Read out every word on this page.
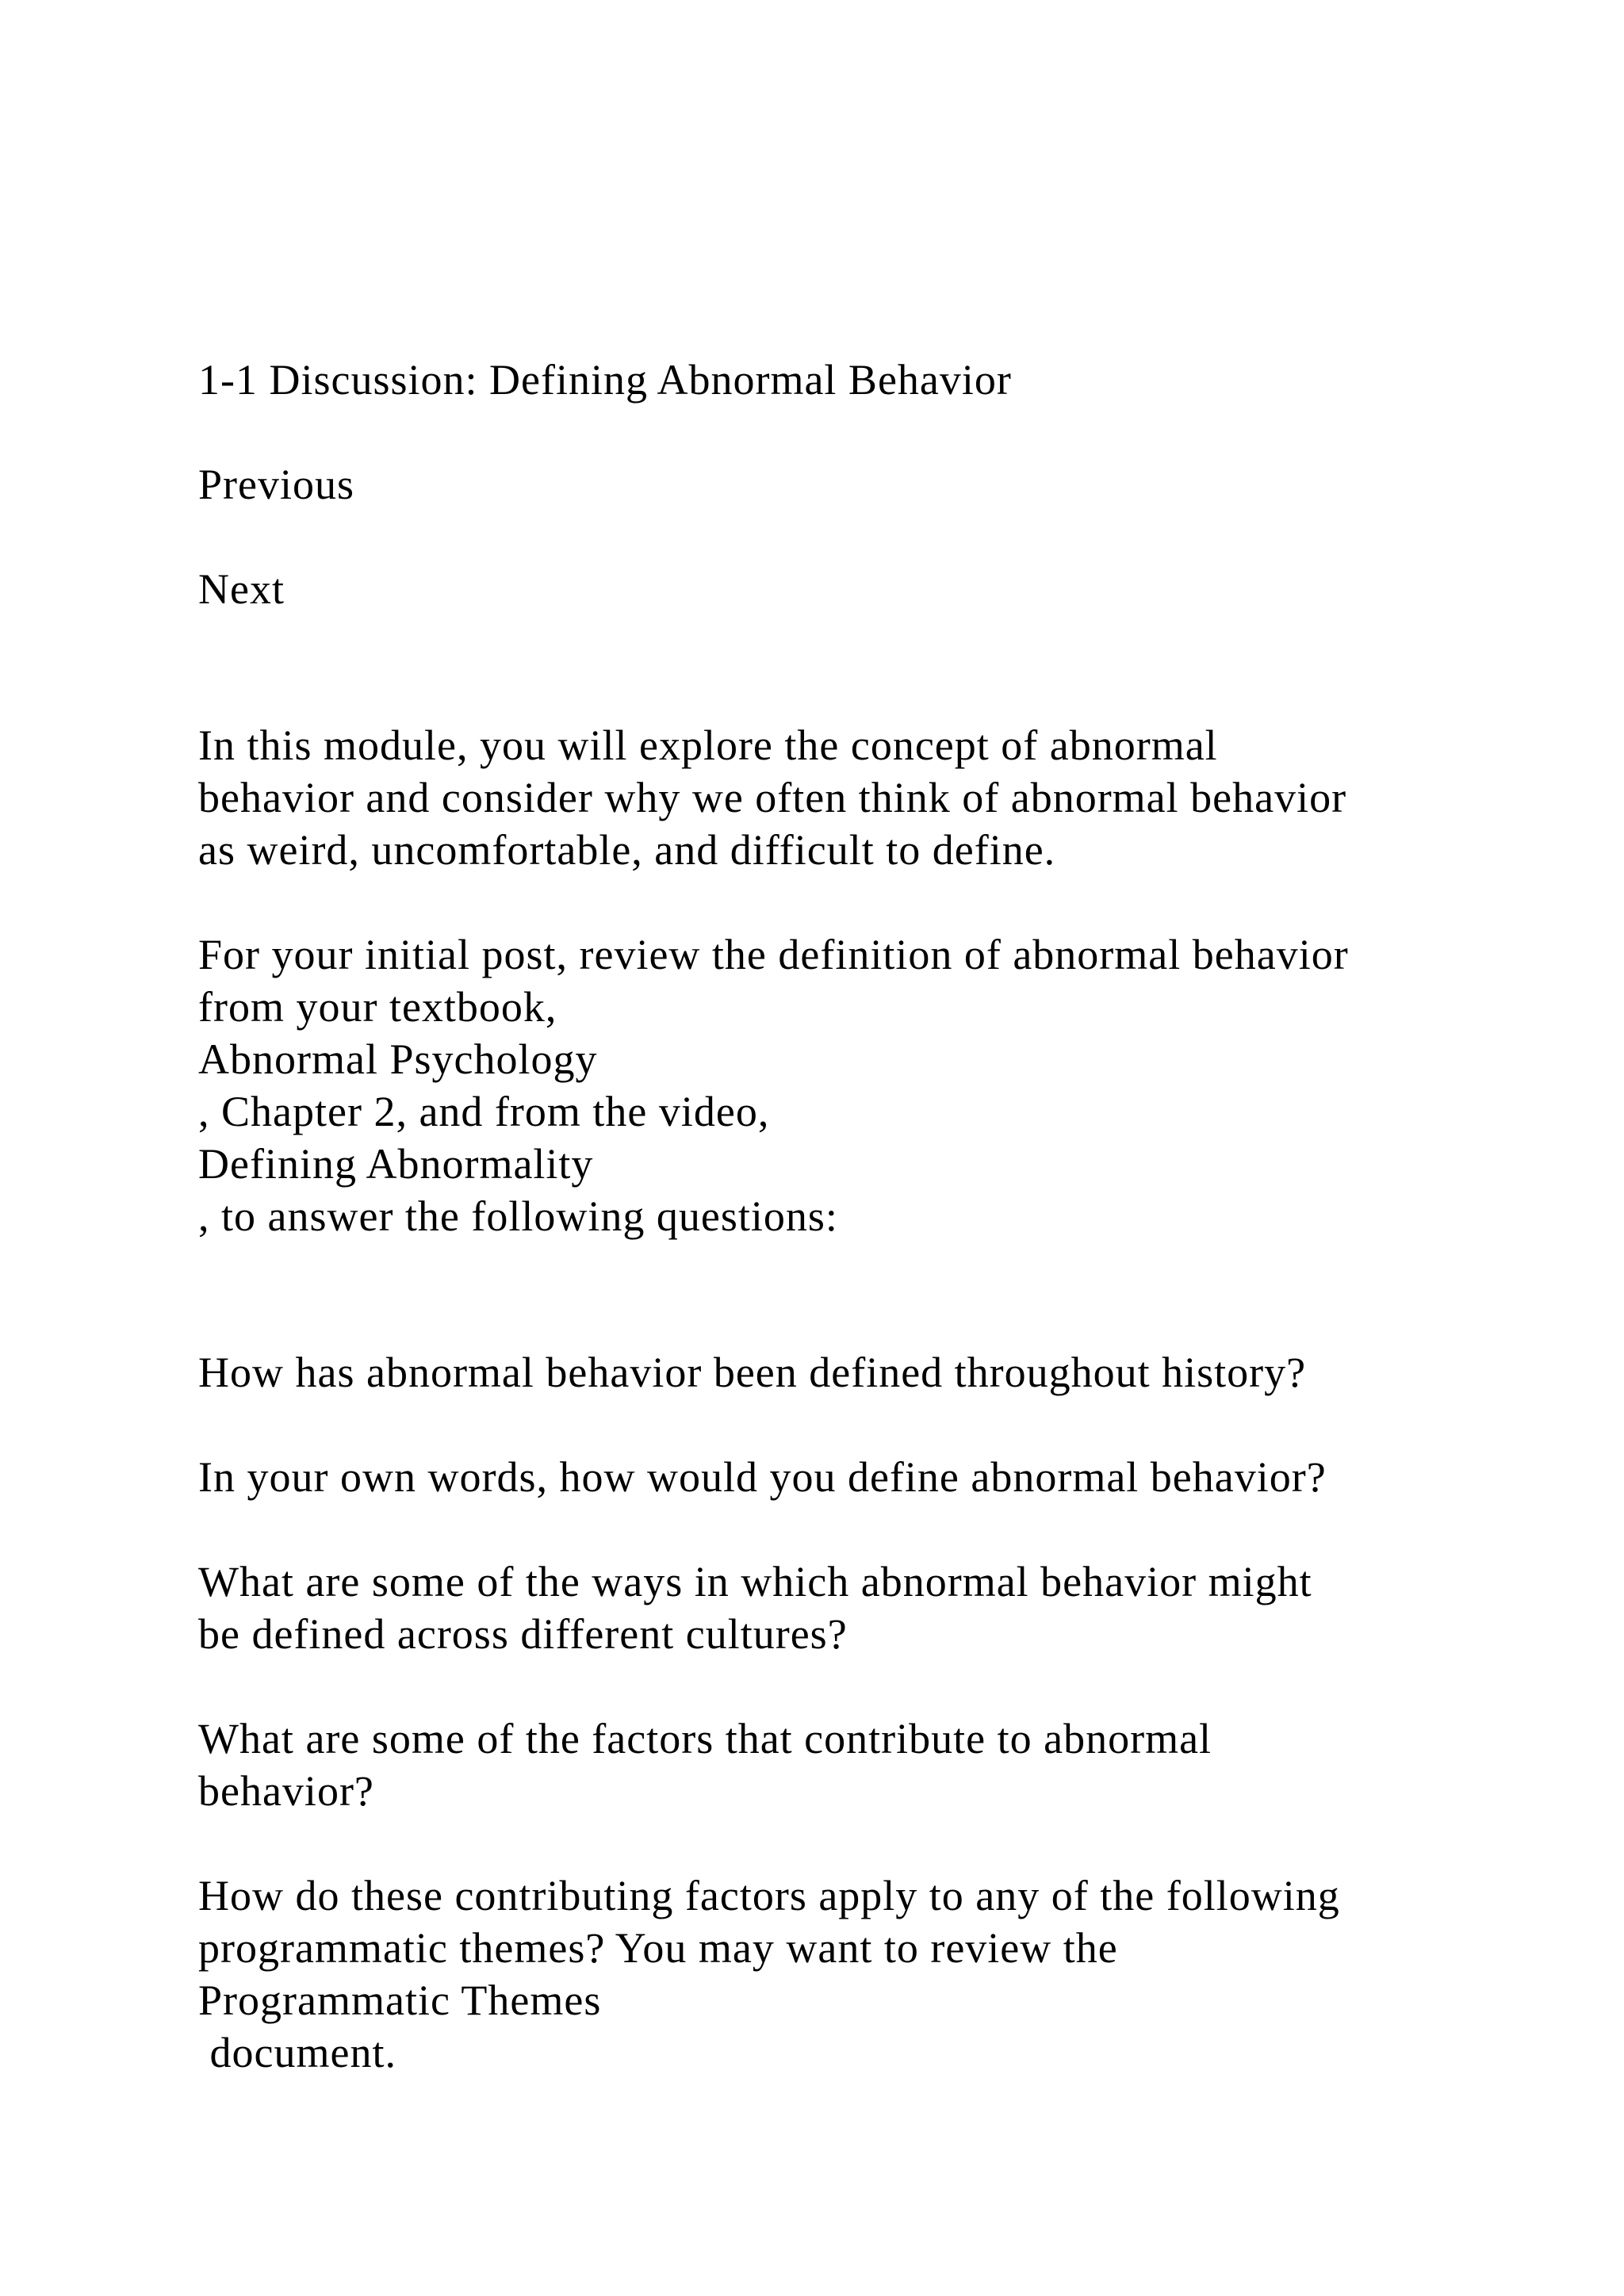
1-1 Discussion: Defining Abnormal Behavior

Previous

Next

In this module, you will explore the concept of abnormal

behavior and consider why we often think of abnormal behavior

as weird, uncomfortable, and difficult to define.

For your initial post, review the definition of abnormal behavior

from your textbook,

Abnormal Psychology

, Chapter 2, and from the video,

Defining Abnormality

, to answer the following questions:

How has abnormal behavior been defined throughout history?

In your own words, how would you define abnormal behavior?

What are some of the ways in which abnormal behavior might

be defined across different cultures?

What are some of the factors that contribute to abnormal

behavior?

How do these contributing factors apply to any of the following

programmatic themes? You may want to review the

Programmatic Themes

document.
